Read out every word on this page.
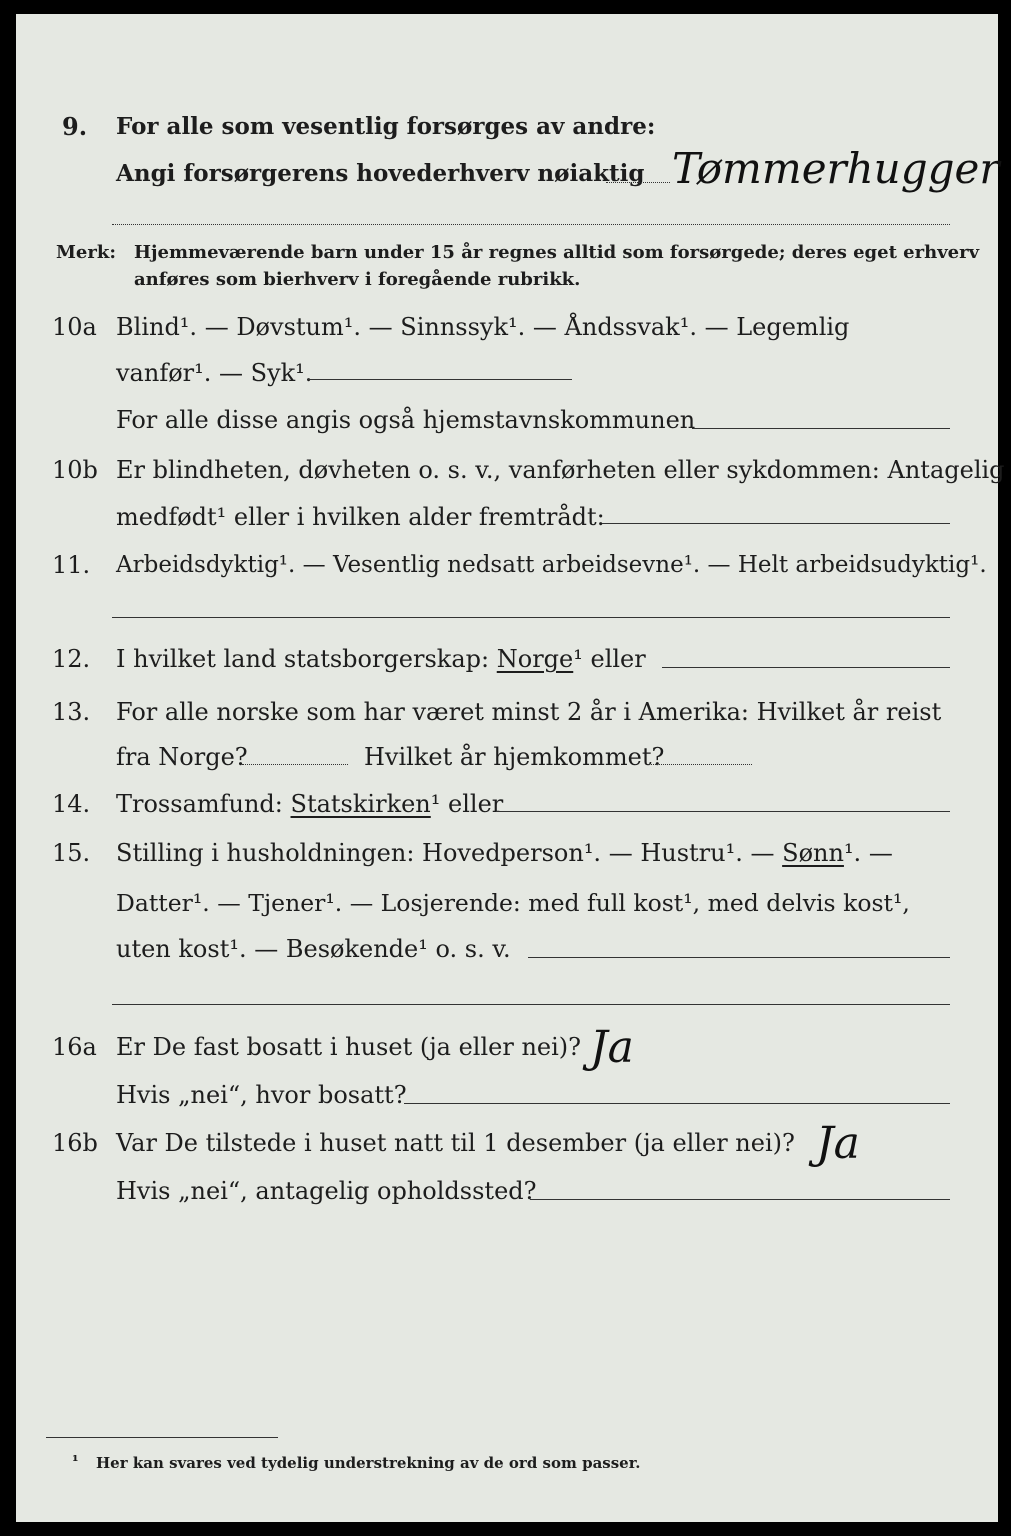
9. For alle som vesentlig forsørges av andre:
Angi forsørgerens hovederhverv nøiaktig Tømmerhugger
Merk: Hjemmeværende barn under 15 år regnes alltid som forsørgede; deres eget erhverv
anføres som bierhverv i foregående rubrikk.
10a Blind¹. — Døvstum¹. — Sinnssyk¹. — Åndssvak¹. — Legemlig
vanfør¹. — Syk¹.
For alle disse angis også hjemstavnskommunen
10b Er blindheten, døvheten o. s. v., vanførheten eller sykdommen: Antagelig
medfødt¹ eller i hvilken alder fremtrådt:
11. Arbeidsdyktig¹. — Vesentlig nedsatt arbeidsevne¹. — Helt arbeidsudyktig¹.
12. I hvilket land statsborgerskap: Norge¹ eller
13. For alle norske som har været minst 2 år i Amerika: Hvilket år reist
fra Norge?	Hvilket år hjemkommet?
14. Trossamfund: Statskirken¹ eller
15. Stilling i husholdningen: Hovedperson¹. — Hustru¹. — Sønn¹. —
Datter¹. — Tjener¹. — Losjerende: med full kost¹, med delvis kost¹,
uten kost¹. — Besøkende¹ o. s. v.
16a Er De fast bosatt i huset (ja eller nei)? Ja
Hvis „nei“, hvor bosatt?
16b Var De tilstede i huset natt til 1 desember (ja eller nei)? Ja
Hvis „nei“, antagelig opholdssted?
¹ Her kan svares ved tydelig understrekning av de ord som passer.
